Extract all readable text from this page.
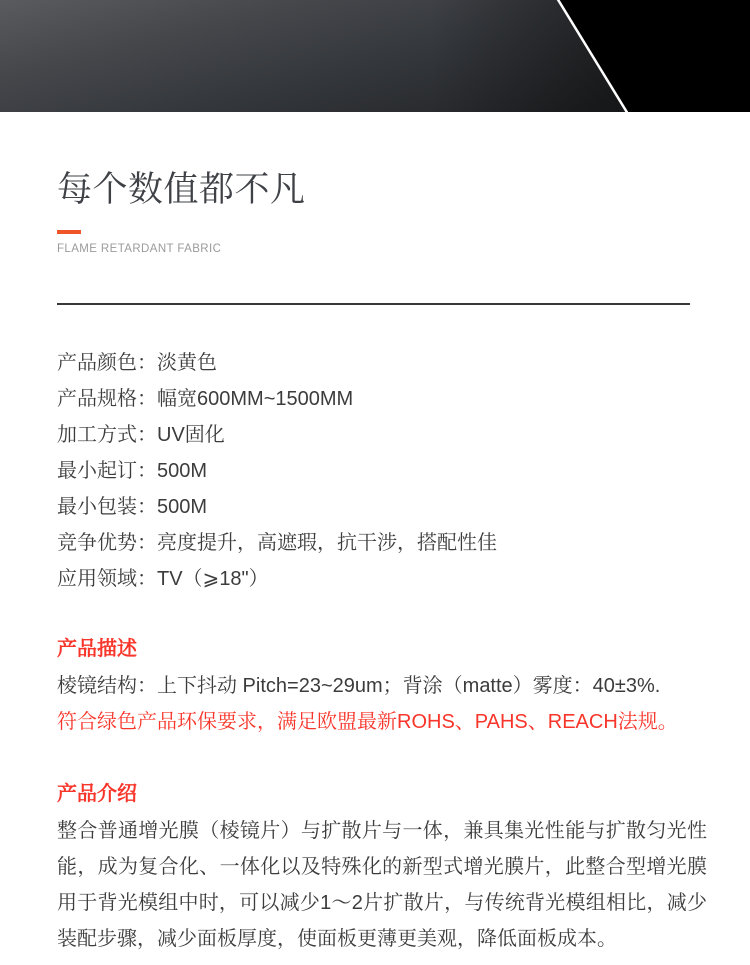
每个数值都不凡
FLAME RETARDANT FABRIC
产品颜色：淡黄色
产品规格：幅宽600MM~1500MM
加工方式：UV固化
最小起订：500M
最小包装：500M
竞争优势：亮度提升，高遮瑕，抗干涉，搭配性佳
应用领域：TV（⩾18"）
产品描述

棱镜结构：上下抖动 Pitch=23~29um；背涂（matte）雾度：40±3%.

符合绿色产品环保要求，满足欧盟最新ROHS、PAHS、REACH法规。

产品介绍

整合普通增光膜（棱镜片）与扩散片与一体，兼具集光性能与扩散匀光性能，成为复合化、一体化以及特殊化的新型式增光膜片，此整合型增光膜用于背光模组中时，可以减少1～2片扩散片，与传统背光模组相比，减少装配步骤，减少面板厚度，使面板更薄更美观，降低面板成本。
